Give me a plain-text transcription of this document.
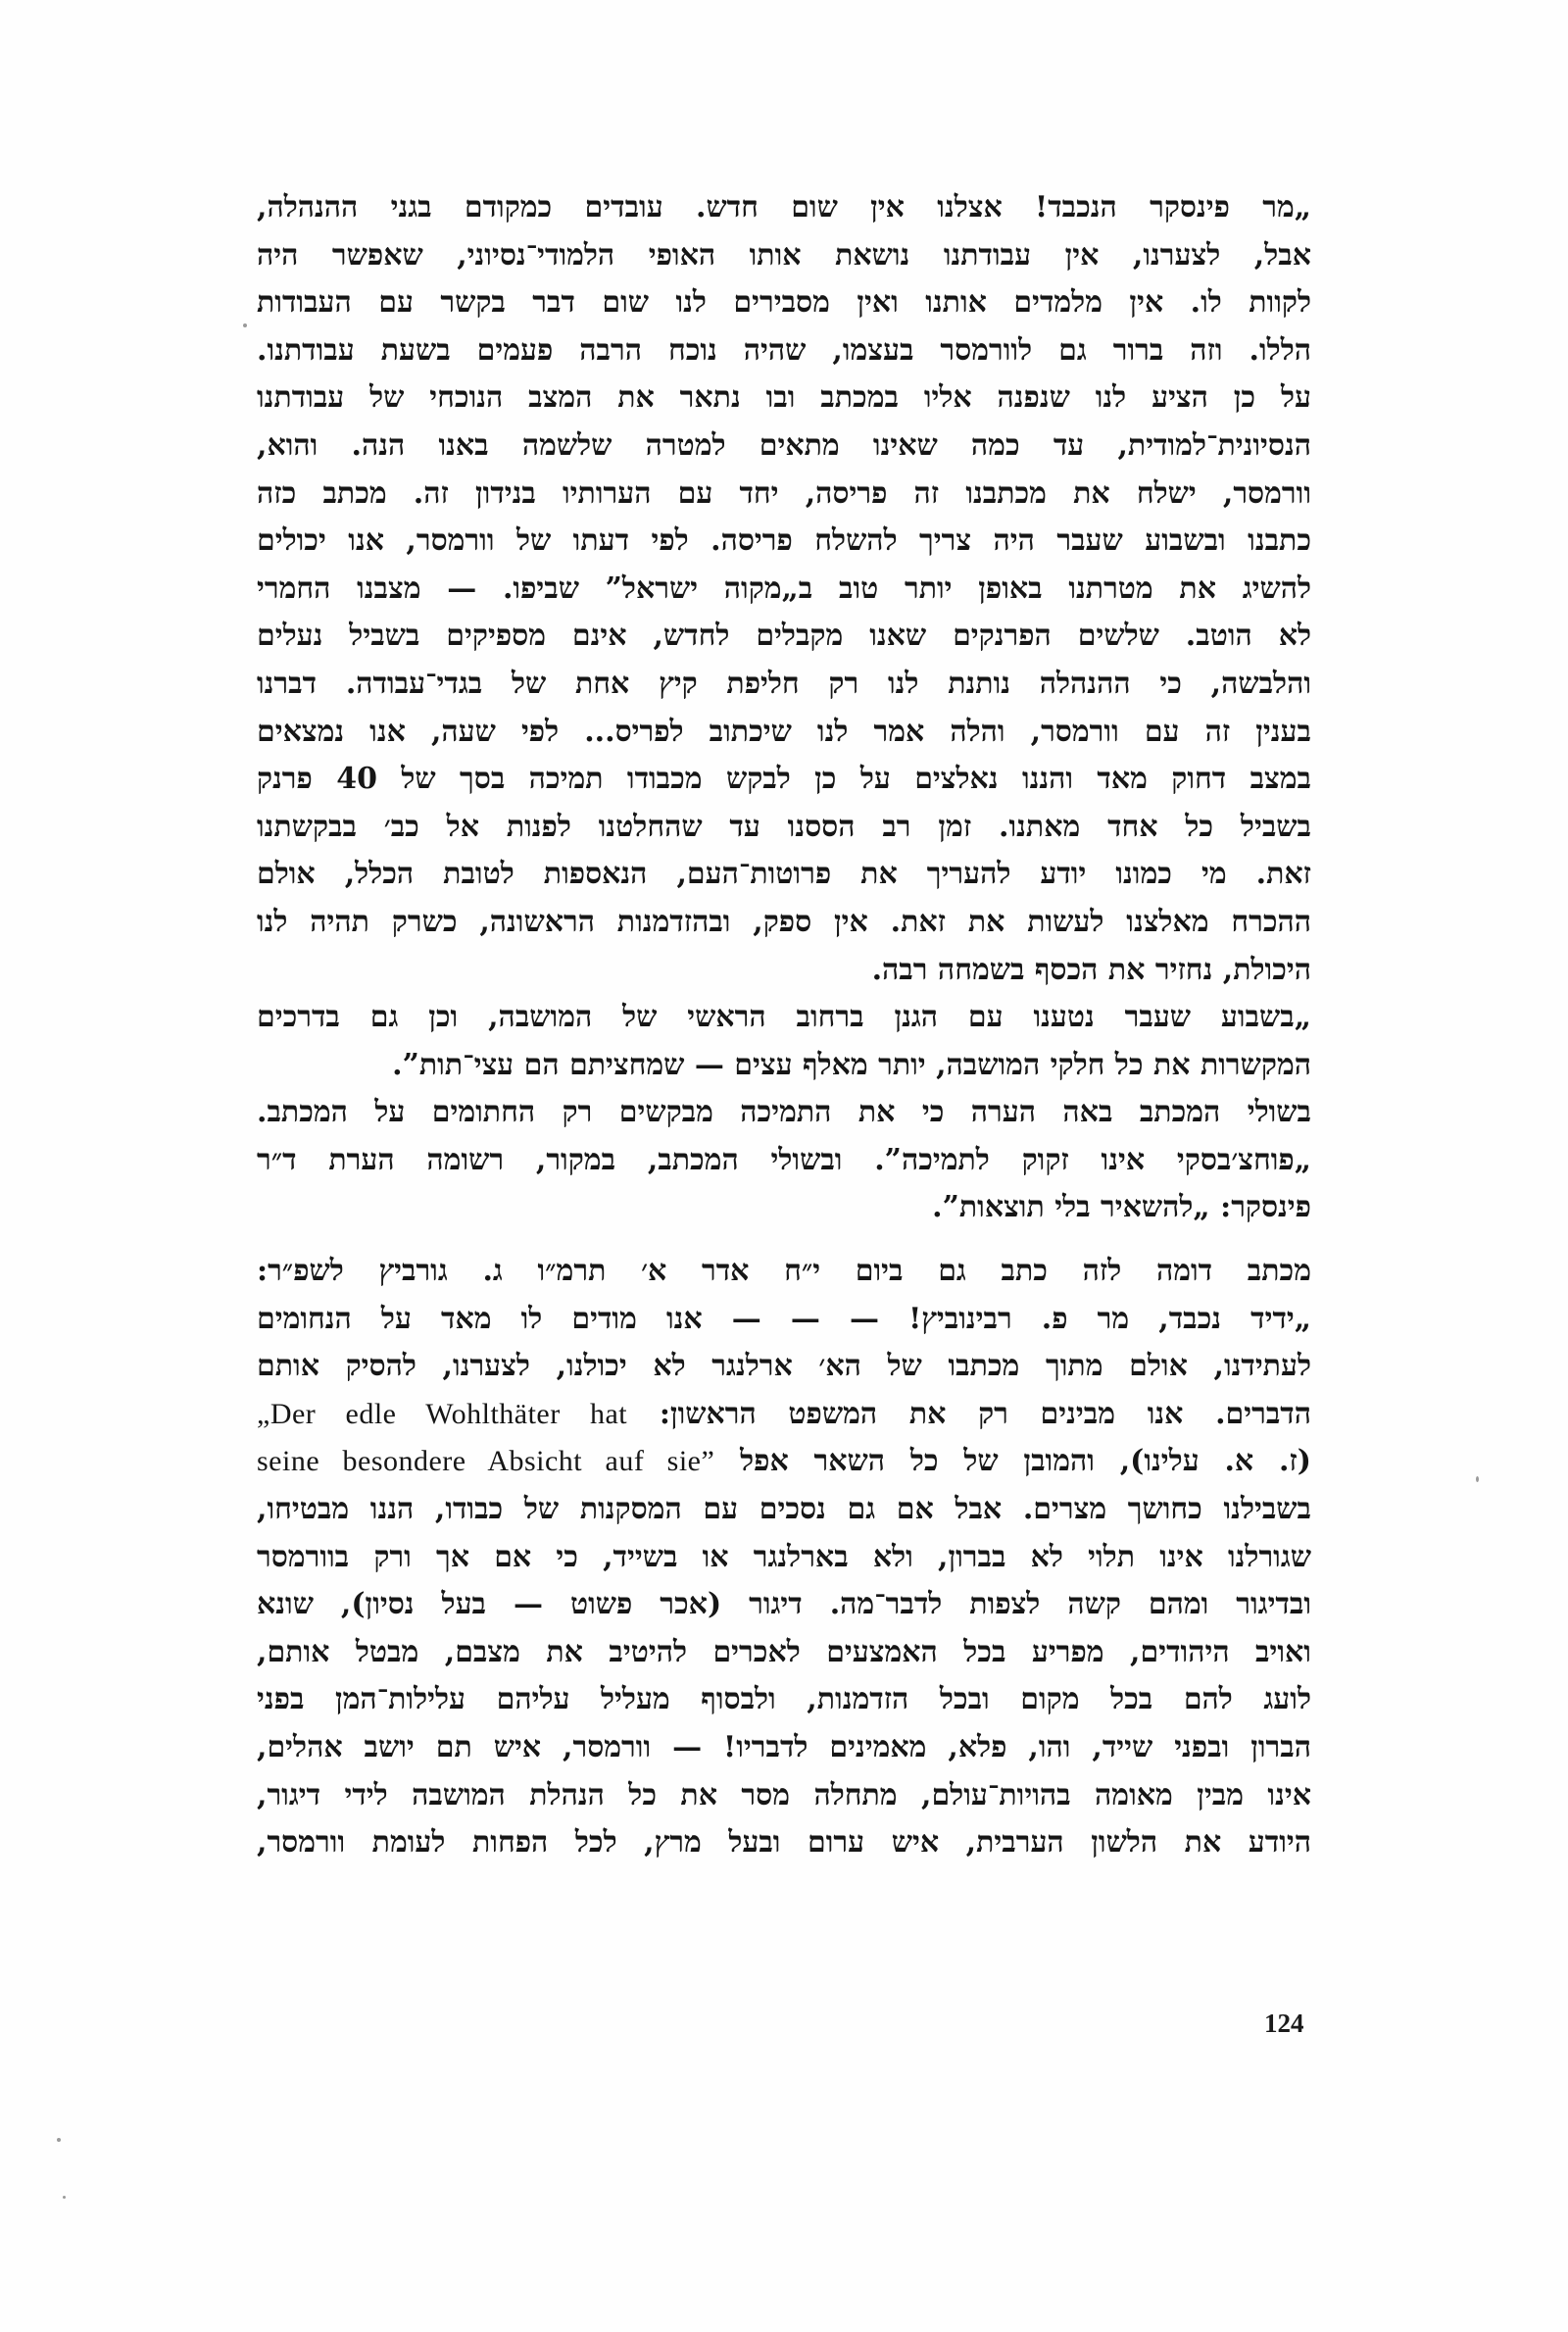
„מר פינסקר הנכבד! אצלנו אין שום חדש. עובדים כמקודם בגני ההנהלה,
אבל, לצערנו, אין עבודתנו נושאת אותו האופי הלמודי־נסיוני, שאפשר היה
לקוות לו. אין מלמדים אותנו ואין מסבירים לנו שום דבר בקשר עם העבודות
הללו. וזה ברור גם לוורמסר בעצמו, שהיה נוכח הרבה פעמים בשעת עבודתנו.
על כן הציע לנו שנפנה אליו במכתב ובו נתאר את המצב הנוכחי של עבודתנו
הנסיונית־למודית, עד כמה שאינו מתאים למטרה שלשמה באנו הנה. והוא,
וורמסר, ישלח את מכתבנו זה פריסה, יחד עם הערותיו בנידון זה. מכתב כזה
כתבנו ובשבוע שעבר היה צריך להשלח פריסה. לפי דעתו של וורמסר, אנו יכולים
להשיג את מטרתנו באופן יותר טוב ב„מקוה ישראל” שביפו. — מצבנו החמרי
לא הוטב. שלשים הפרנקים שאנו מקבלים לחדש, אינם מספיקים בשביל נעלים
והלבשה, כי ההנהלה נותנת לנו רק חליפת קיץ אחת של בגדי־עבודה. דברנו
בענין זה עם וורמסר, והלה אמר לנו שיכתוב לפריס... לפי שעה, אנו נמצאים
במצב דחוק מאד והננו נאלצים על כן לבקש מכבודו תמיכה בסך של 40 פרנק
בשביל כל אחד מאתנו. זמן רב הססנו עד שהחלטנו לפנות אל כב׳ בבקשתנו
זאת. מי כמונו יודע להעריך את פרוטות־העם, הנאספות לטובת הכלל, אולם
ההכרח מאלצנו לעשות את זאת. אין ספק, ובהזדמנות הראשונה, כשרק תהיה לנו
היכולת, נחזיר את הכסף בשמחה רבה.
„בשבוע שעבר נטענו עם הגנן ברחוב הראשי של המושבה, וכן גם בדרכים
המקשרות את כל חלקי המושבה, יותר מאלף עצים — שמחציתם הם עצי־תות”.
בשולי המכתב באה הערה כי את התמיכה מבקשים רק החתומים על המכתב.
„פוחצ׳בסקי אינו זקוק לתמיכה”. ובשולי המכתב, במקור, רשומה הערת ד״ר
פינסקר: „להשאיר בלי תוצאות”.
מכתב דומה לזה כתב גם ביום י״ח אדר א׳ תרמ״ו ג. גורביץ לשפ״ר:
„ידיד נכבד, מר פ. רבינוביץ! — — — אנו מודים לו מאד על הנחומים
לעתידנו, אולם מתוך מכתבו של הא׳ ארלנגר לא יכולנו, לצערנו, להסיק אותם
הדברים. אנו מבינים רק את המשפט הראשון: „Der edle Wohlthäter hat
(ז. א. עלינו), והמובן של כל השאר אפל seine besondere Absicht auf sie”
בשבילנו כחושך מצרים. אבל אם גם נסכים עם המסקנות של כבודו, הננו מבטיחו,
שגורלנו אינו תלוי לא בברון, ולא בארלנגר או בשייד, כי אם אך ורק בוורמסר
ובדיגור ומהם קשה לצפות לדבר־מה. דיגור (אכר פשוט — בעל נסיון), שונא
ואויב היהודים, מפריע בכל האמצעים לאכרים להיטיב את מצבם, מבטל אותם,
לועג להם בכל מקום ובכל הזדמנות, ולבסוף מעליל עליהם עלילות־המן בפני
הברון ובפני שייד, והו, פלא, מאמינים לדבריו! — וורמסר, איש תם יושב אהלים,
אינו מבין מאומה בהויות־עולם, מתחלה מסר את כל הנהלת המושבה לידי דיגור,
היודע את הלשון הערבית, איש ערום ובעל מרץ, לכל הפחות לעומת וורמסר,
124
